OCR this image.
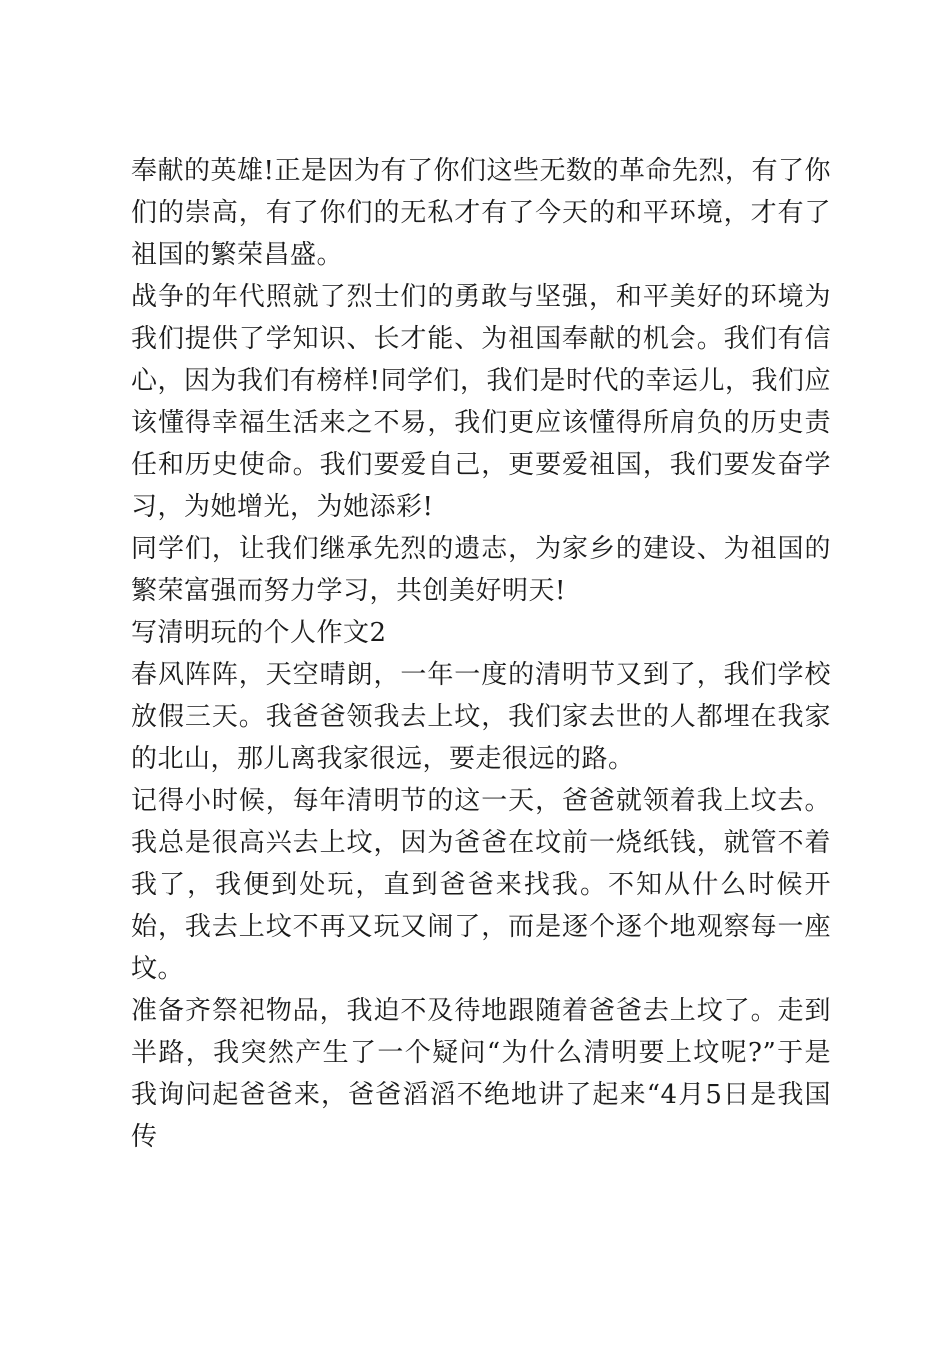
奉献的英雄!正是因为有了你们这些无数的革命先烈，有了你们的崇高，有了你们的无私才有了今天的和平环境，才有了祖国的繁荣昌盛。

战争的年代照就了烈士们的勇敢与坚强，和平美好的环境为我们提供了学知识、长才能、为祖国奉献的机会。我们有信心，因为我们有榜样!同学们，我们是时代的幸运儿，我们应该懂得幸福生活来之不易，我们更应该懂得所肩负的历史责任和历史使命。我们要爱自己，更要爱祖国，我们要发奋学习，为她增光，为她添彩!

同学们，让我们继承先烈的遗志，为家乡的建设、为祖国的繁荣富强而努力学习，共创美好明天!

写清明玩的个人作文2

春风阵阵，天空晴朗，一年一度的清明节又到了，我们学校放假三天。我爸爸领我去上坟，我们家去世的人都埋在我家的北山，那儿离我家很远，要走很远的路。

记得小时候，每年清明节的这一天，爸爸就领着我上坟去。我总是很高兴去上坟，因为爸爸在坟前一烧纸钱，就管不着我了，我便到处玩，直到爸爸来找我。不知从什么时候开始，我去上坟不再又玩又闹了，而是逐个逐个地观察每一座坟。

准备齐祭祀物品，我迫不及待地跟随着爸爸去上坟了。走到半路，我突然产生了一个疑问“为什么清明要上坟呢?”于是我询问起爸爸来，爸爸滔滔不绝地讲了起来“4月5日是我国传
